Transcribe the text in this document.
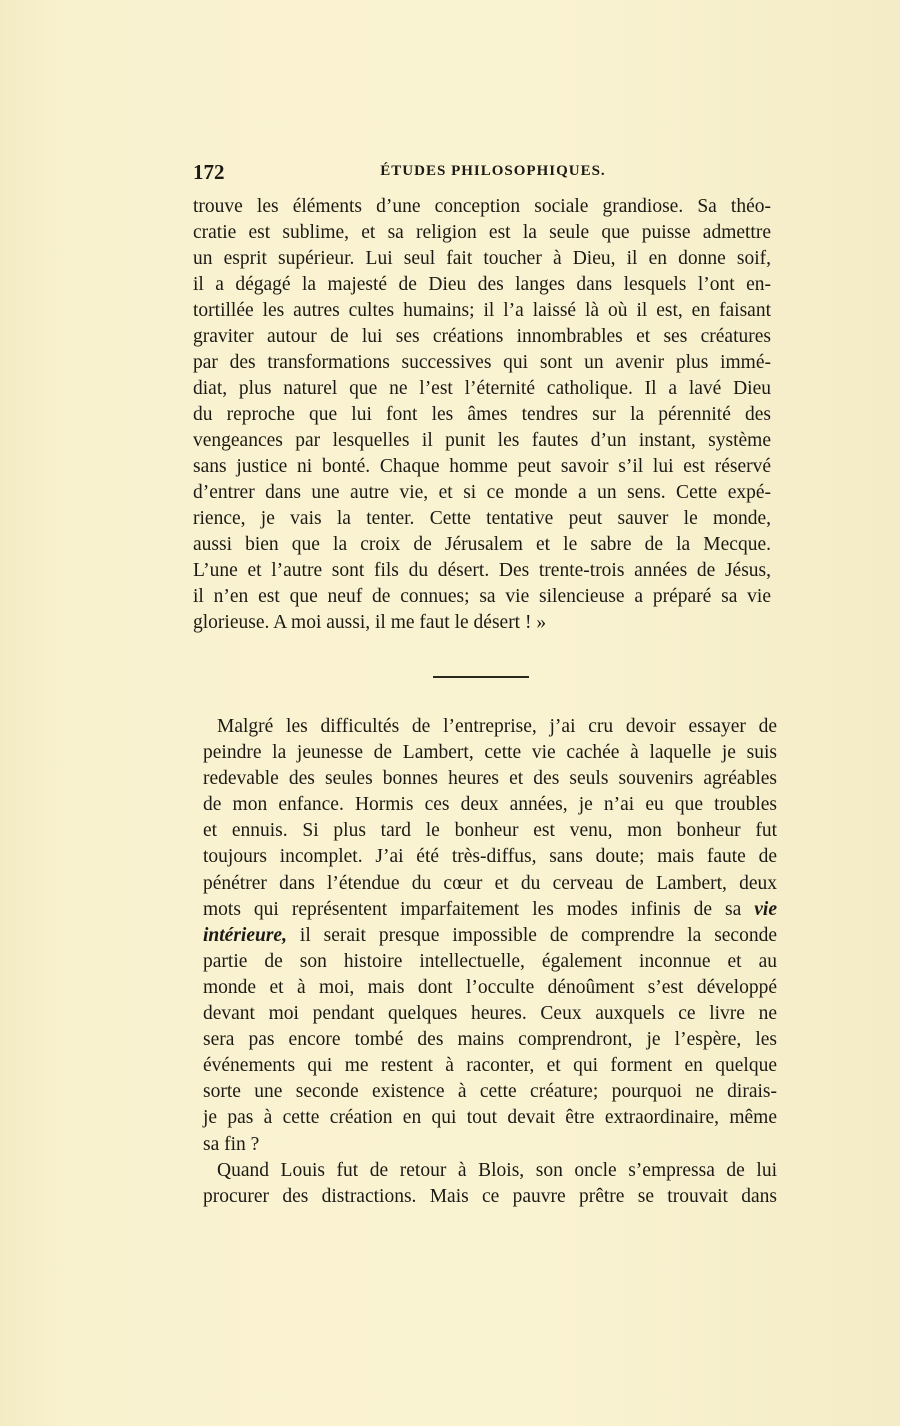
172	ÉTUDES PHILOSOPHIQUES.
trouve les éléments d’une conception sociale grandiose. Sa théo-
cratie est sublime, et sa religion est la seule que puisse admettre
un esprit supérieur. Lui seul fait toucher à Dieu, il en donne soif,
il a dégagé la majesté de Dieu des langes dans lesquels l’ont en-
tortillée les autres cultes humains; il l’a laissé là où il est, en faisant
graviter autour de lui ses créations innombrables et ses créatures
par des transformations successives qui sont un avenir plus immé-
diat, plus naturel que ne l’est l’éternité catholique. Il a lavé Dieu
du reproche que lui font les âmes tendres sur la pérennité des
vengeances par lesquelles il punit les fautes d’un instant, système
sans justice ni bonté. Chaque homme peut savoir s’il lui est réservé
d’entrer dans une autre vie, et si ce monde a un sens. Cette expé-
rience, je vais la tenter. Cette tentative peut sauver le monde,
aussi bien que la croix de Jérusalem et le sabre de la Mecque.
L’une et l’autre sont fils du désert. Des trente-trois années de Jésus,
il n’en est que neuf de connues; sa vie silencieuse a préparé sa vie
glorieuse. A moi aussi, il me faut le désert ! »
Malgré les difficultés de l’entreprise, j’ai cru devoir essayer de
peindre la jeunesse de Lambert, cette vie cachée à laquelle je suis
redevable des seules bonnes heures et des seuls souvenirs agréables
de mon enfance. Hormis ces deux années, je n’ai eu que troubles
et ennuis. Si plus tard le bonheur est venu, mon bonheur fut
toujours incomplet. J’ai été très-diffus, sans doute; mais faute de
pénétrer dans l’étendue du cœur et du cerveau de Lambert, deux
mots qui représentent imparfaitement les modes infinis de sa vie
intérieure, il serait presque impossible de comprendre la seconde
partie de son histoire intellectuelle, également inconnue et au
monde et à moi, mais dont l’occulte dénoûment s’est développé
devant moi pendant quelques heures. Ceux auxquels ce livre ne
sera pas encore tombé des mains comprendront, je l’espère, les
événements qui me restent à raconter, et qui forment en quelque
sorte une seconde existence à cette créature; pourquoi ne dirais-
je pas à cette création en qui tout devait être extraordinaire, même
sa fin ?
Quand Louis fut de retour à Blois, son oncle s’empressa de lui
procurer des distractions. Mais ce pauvre prêtre se trouvait dans
